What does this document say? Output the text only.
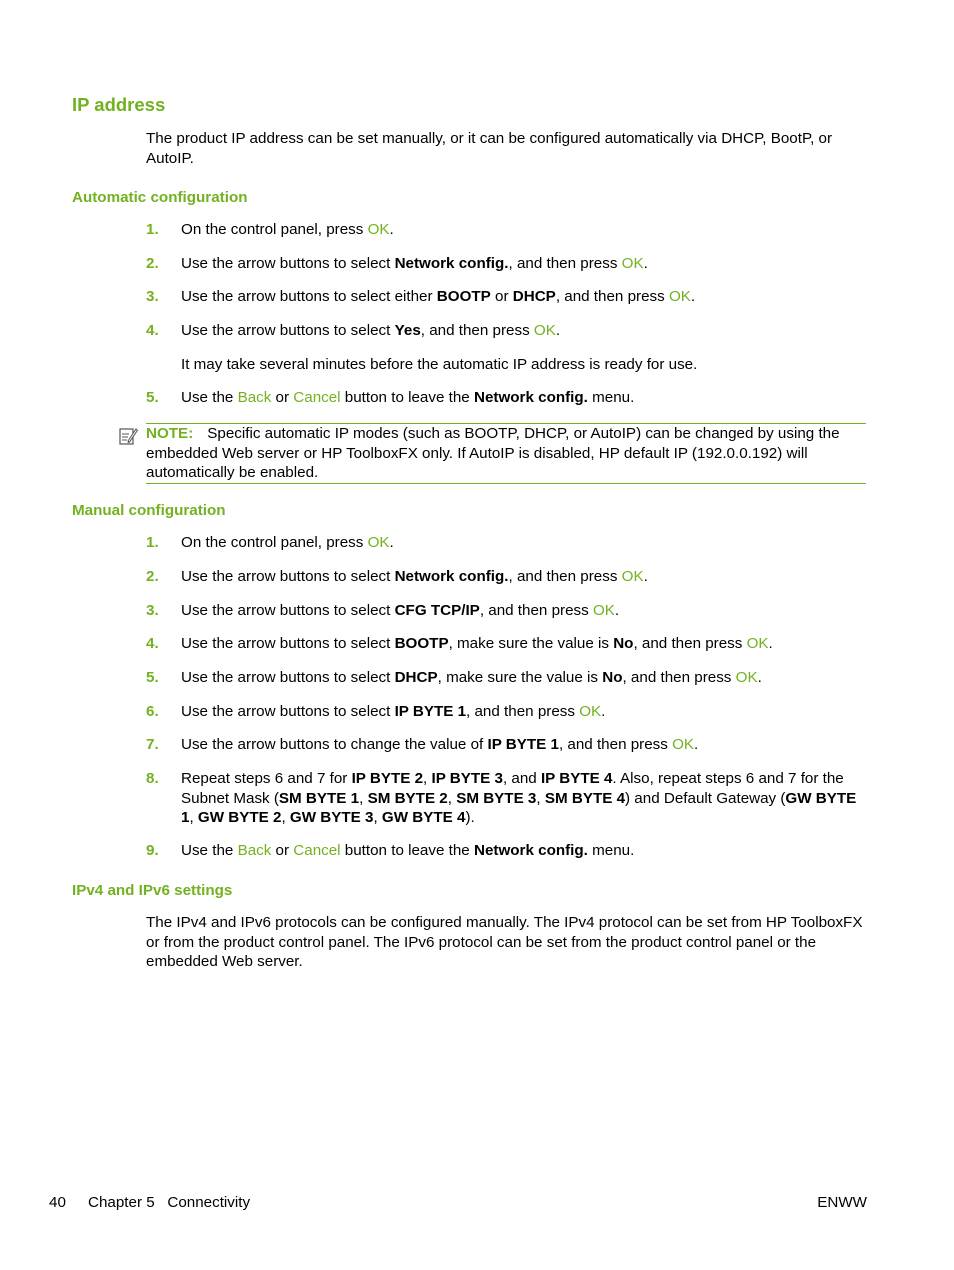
IP address

The product IP address can be set manually, or it can be configured automatically via DHCP, BootP, or AutoIP.

Automatic configuration
1. On the control panel, press OK.
2. Use the arrow buttons to select Network config., and then press OK.
3. Use the arrow buttons to select either BOOTP or DHCP, and then press OK.
4. Use the arrow buttons to select Yes, and then press OK.
It may take several minutes before the automatic IP address is ready for use.
5. Use the Back or Cancel button to leave the Network config. menu.
NOTE: Specific automatic IP modes (such as BOOTP, DHCP, or AutoIP) can be changed by using the embedded Web server or HP ToolboxFX only. If AutoIP is disabled, HP default IP (192.0.0.192) will automatically be enabled.
Manual configuration
1. On the control panel, press OK.
2. Use the arrow buttons to select Network config., and then press OK.
3. Use the arrow buttons to select CFG TCP/IP, and then press OK.
4. Use the arrow buttons to select BOOTP, make sure the value is No, and then press OK.
5. Use the arrow buttons to select DHCP, make sure the value is No, and then press OK.
6. Use the arrow buttons to select IP BYTE 1, and then press OK.
7. Use the arrow buttons to change the value of IP BYTE 1, and then press OK.
8. Repeat steps 6 and 7 for IP BYTE 2, IP BYTE 3, and IP BYTE 4. Also, repeat steps 6 and 7 for the Subnet Mask (SM BYTE 1, SM BYTE 2, SM BYTE 3, SM BYTE 4) and Default Gateway (GW BYTE 1, GW BYTE 2, GW BYTE 3, GW BYTE 4).
9. Use the Back or Cancel button to leave the Network config. menu.
IPv4 and IPv6 settings

The IPv4 and IPv6 protocols can be configured manually. The IPv4 protocol can be set from HP ToolboxFX or from the product control panel. The IPv6 protocol can be set from the product control panel or the embedded Web server.

40 Chapter 5   Connectivity	ENWW
